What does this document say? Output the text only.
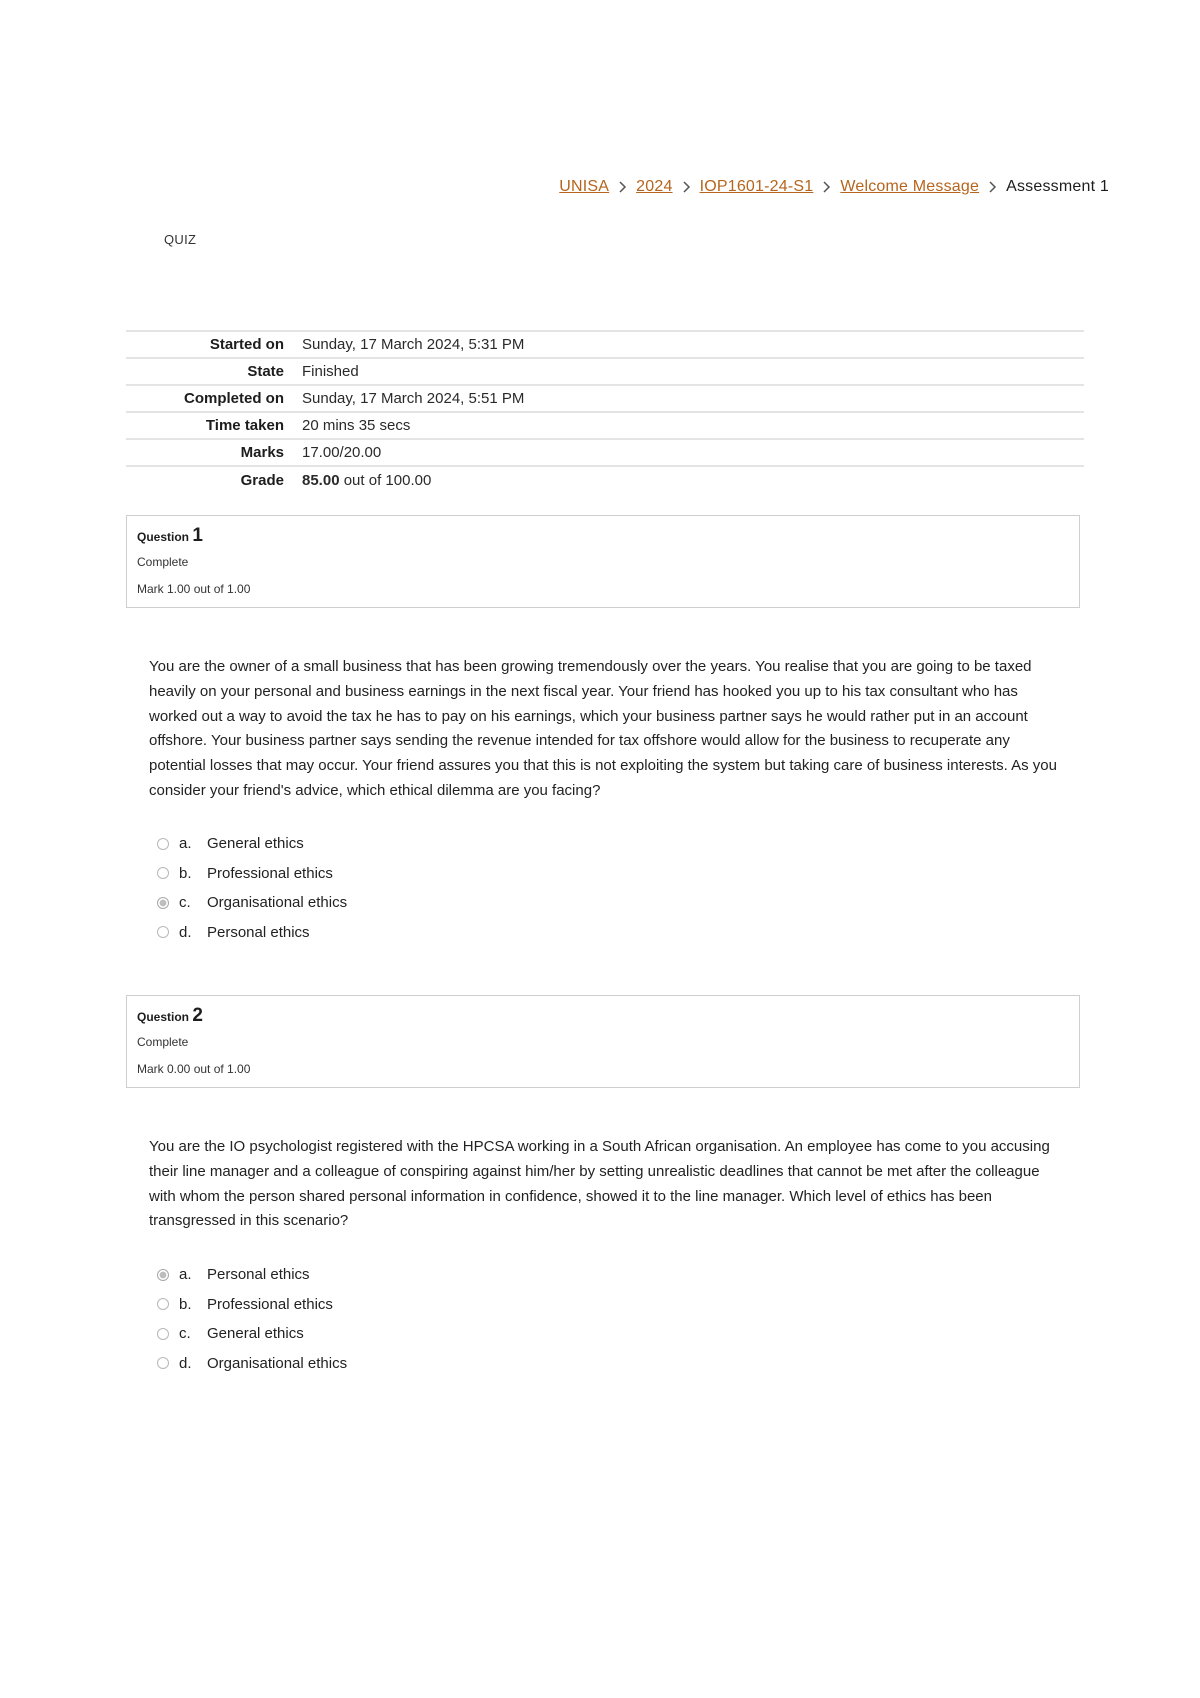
UNISA 2024 IOP1601-24-S1 Welcome Message Assessment 1
QUIZ
Started on	Sunday, 17 March 2024, 5:31 PM
State	Finished
Completed on	Sunday, 17 March 2024, 5:51 PM
Time taken	20 mins 35 secs
Marks	17.00/20.00
Grade	85.00 out of 100.00
Question 1
Complete
Mark 1.00 out of 1.00
You are the owner of a small business that has been growing tremendously over the years. You realise that you are going to be taxed heavily on your personal and business earnings in the next fiscal year. Your friend has hooked you up to his tax consultant who has worked out a way to avoid the tax he has to pay on his earnings, which your business partner says he would rather put in an account offshore. Your business partner says sending the revenue intended for tax offshore would allow for the business to recuperate any potential losses that may occur. Your friend assures you that this is not exploiting the system but taking care of business interests. As you consider your friend's advice, which ethical dilemma are you facing?
a.	General ethics
b.	Professional ethics
c.	Organisational ethics
d.	Personal ethics
Question 2
Complete
Mark 0.00 out of 1.00
You are the IO psychologist registered with the HPCSA working in a South African organisation. An employee has come to you accusing their line manager and a colleague of conspiring against him/her by setting unrealistic deadlines that cannot be met after the colleague with whom the person shared personal information in confidence, showed it to the line manager. Which level of ethics has been transgressed in this scenario?
a.	Personal ethics
b.	Professional ethics
c.	General ethics
d.	Organisational ethics
